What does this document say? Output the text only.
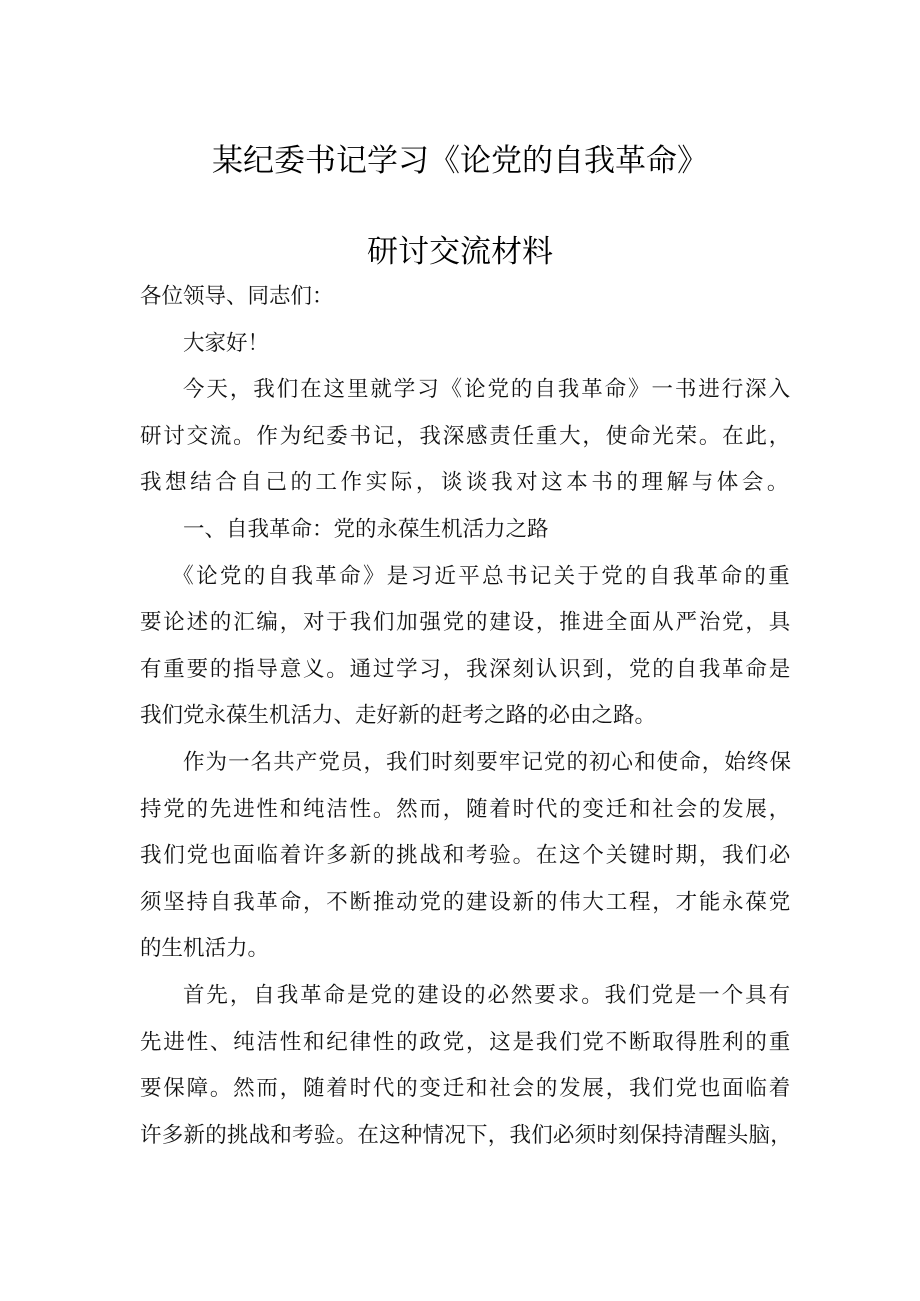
某纪委书记学习《论党的自我革命》
研讨交流材料
各位领导、同志们：
大家好！
今天，我们在这里就学习《论党的自我革命》一书进行深入
研讨交流。作为纪委书记，我深感责任重大，使命光荣。在此，
我想结合自己的工作实际，谈谈我对这本书的理解与体会。
一、自我革命：党的永葆生机活力之路
《论党的自我革命》是习近平总书记关于党的自我革命的重
要论述的汇编，对于我们加强党的建设，推进全面从严治党，具
有重要的指导意义。通过学习，我深刻认识到，党的自我革命是
我们党永葆生机活力、走好新的赶考之路的必由之路。
作为一名共产党员，我们时刻要牢记党的初心和使命，始终保
持党的先进性和纯洁性。然而，随着时代的变迁和社会的发展，
我们党也面临着许多新的挑战和考验。在这个关键时期，我们必
须坚持自我革命，不断推动党的建设新的伟大工程，才能永葆党
的生机活力。
首先，自我革命是党的建设的必然要求。我们党是一个具有
先进性、纯洁性和纪律性的政党，这是我们党不断取得胜利的重
要保障。然而，随着时代的变迁和社会的发展，我们党也面临着
许多新的挑战和考验。在这种情况下，我们必须时刻保持清醒头脑，
